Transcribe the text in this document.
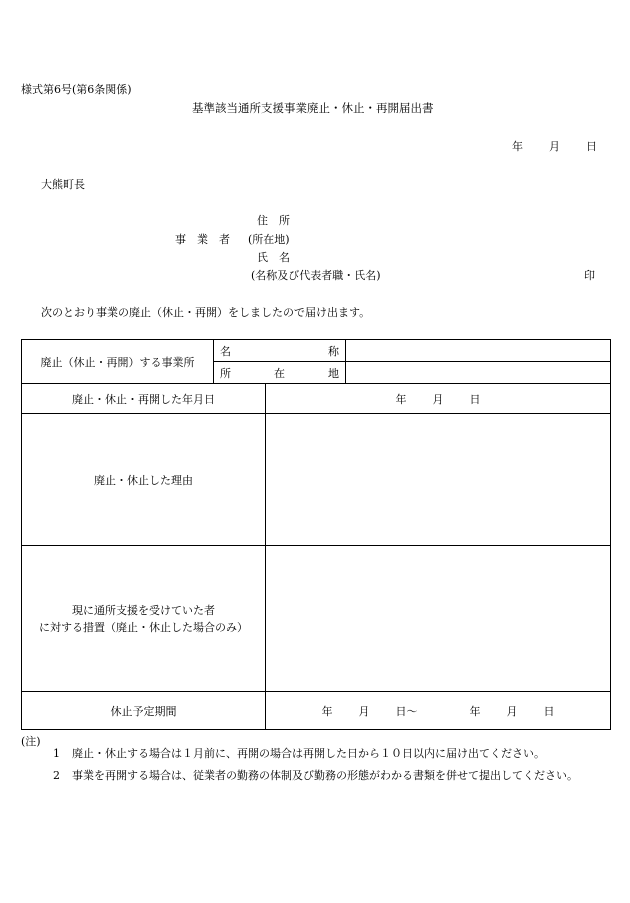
様式第6号(第6条関係)
基準該当通所支援事業廃止・休止・再開届出書
年 月 日
大熊町長
住　所
事　業　者 (所在地)
氏　名
(名称及び代表者職・氏名)	印
次のとおり事業の廃止（休止・再開）をしましたので届け出ます。
廃止（休止・再開）する事業所	名 称		

	所 在 地		

廃止・休止・再開した年月日		年 月 日	
廃止・休止した理由			

現に通所支援を受けていた者
に対する措置（廃止・休止した場合のみ）			

休止予定期間		年 月 日〜 年 月 日	
(注)
1 廃止・休止する場合は１月前に、再開の場合は再開した日から１０日以内に届け出てください。
2 事業を再開する場合は、従業者の勤務の体制及び勤務の形態がわかる書類を併せて提出してください。
